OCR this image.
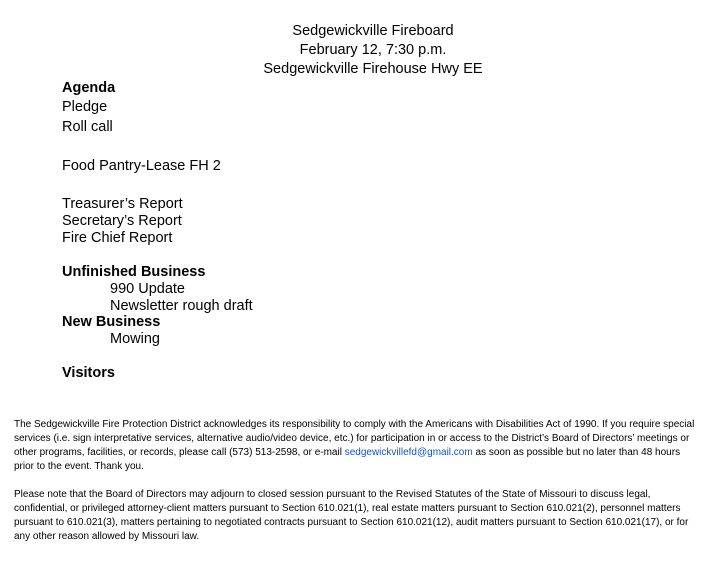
Sedgewickville Fireboard
February 12, 7:30 p.m.
Sedgewickville Firehouse Hwy EE
Agenda
Pledge
Roll call
Food Pantry-Lease FH 2
Treasurer’s Report
Secretary’s Report
Fire Chief Report
Unfinished Business
990 Update
Newsletter rough draft
New Business
Mowing
Visitors

The Sedgewickville Fire Protection District acknowledges its responsibility to comply with the Americans with Disabilities Act of 1990. If you require special services (i.e. sign interpretative services, alternative audio/video device, etc.) for participation in or access to the District’s Board of Directors’ meetings or other programs, facilities, or records, please call (573) 513-2598, or e-mail sedgewickvillefd@gmail.com as soon as possible but no later than 48 hours prior to the event. Thank you.

Please note that the Board of Directors may adjourn to closed session pursuant to the Revised Statutes of the State of Missouri to discuss legal, confidential, or privileged attorney-client matters pursuant to Section 610.021(1), real estate matters pursuant to Section 610.021(2), personnel matters pursuant to 610.021(3), matters pertaining to negotiated contracts pursuant to Section 610.021(12), audit matters pursuant to Section 610.021(17), or for any other reason allowed by Missouri law.
